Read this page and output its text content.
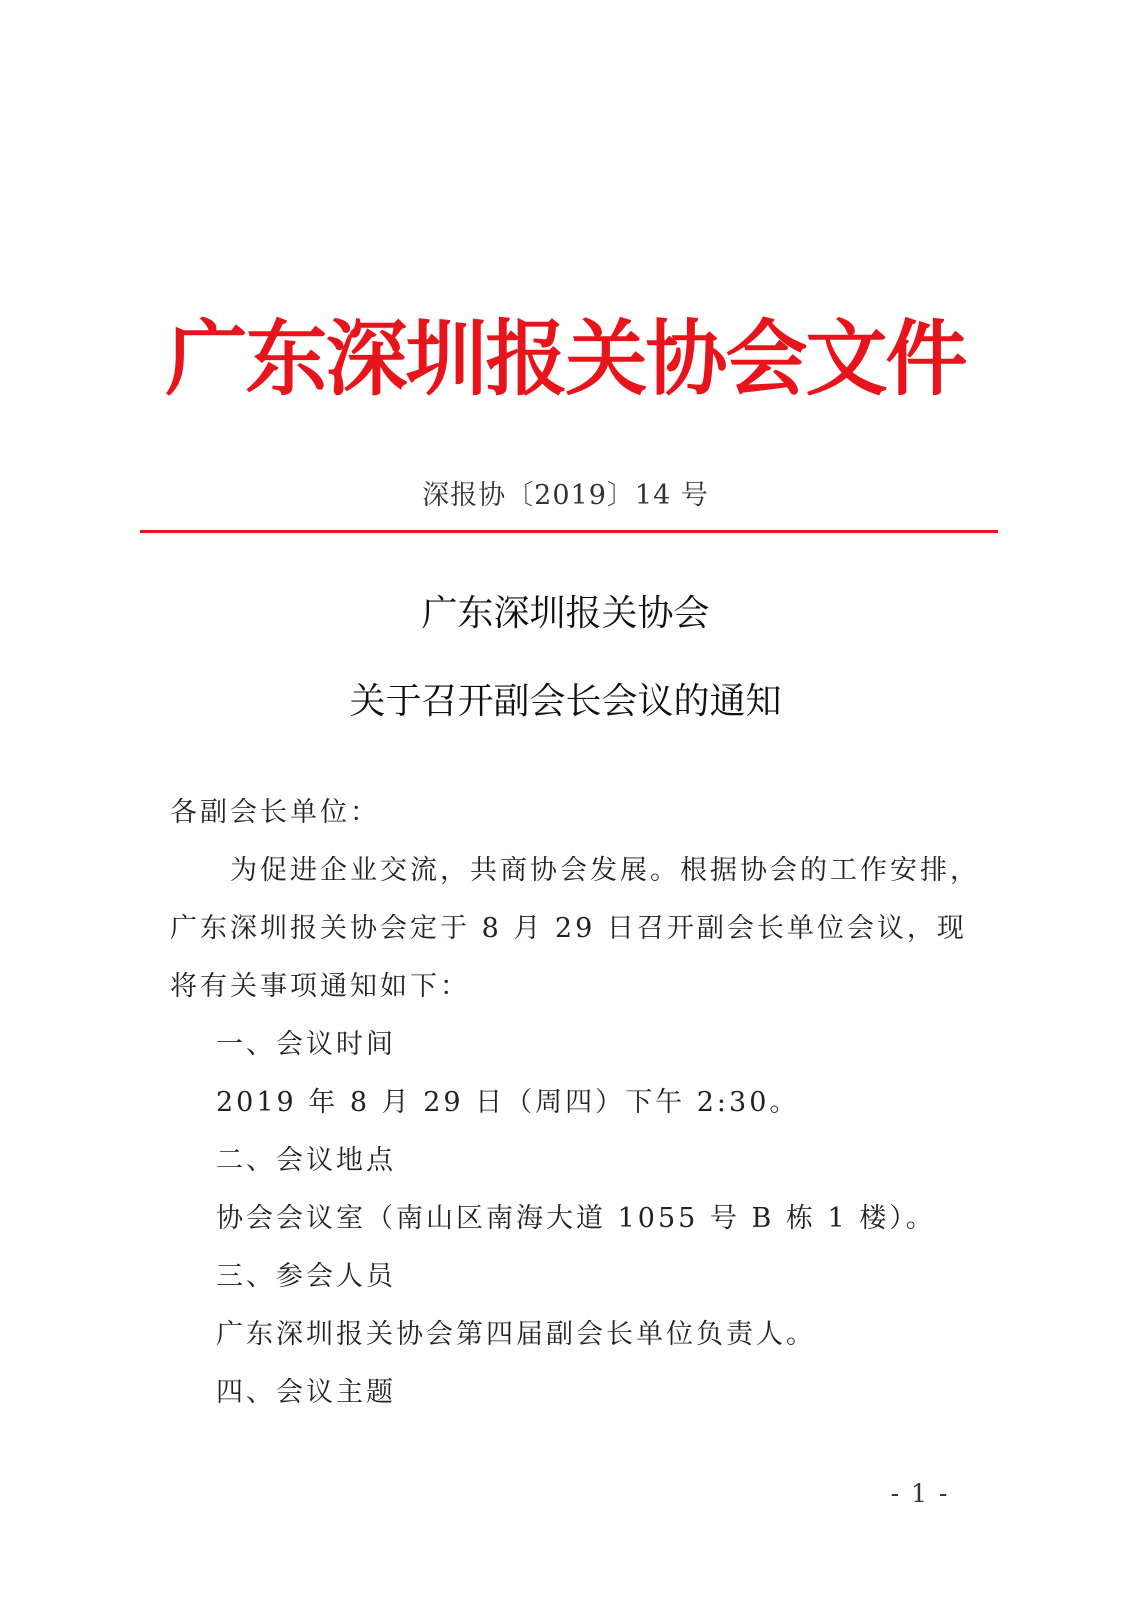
广东深圳报关协会文件
深报协〔2019〕14 号
广东深圳报关协会
关于召开副会长会议的通知
各副会长单位：
为促进企业交流，共商协会发展。根据协会的工作安排，
广东深圳报关协会定于 8 月 29 日召开副会长单位会议，现
将有关事项通知如下：
一、会议时间
2019 年 8 月 29 日（周四）下午 2:30。
二、会议地点
协会会议室（南山区南海大道 1055 号 B 栋 1 楼）。
三、参会人员
广东深圳报关协会第四届副会长单位负责人。
四、会议主题
- 1 -
